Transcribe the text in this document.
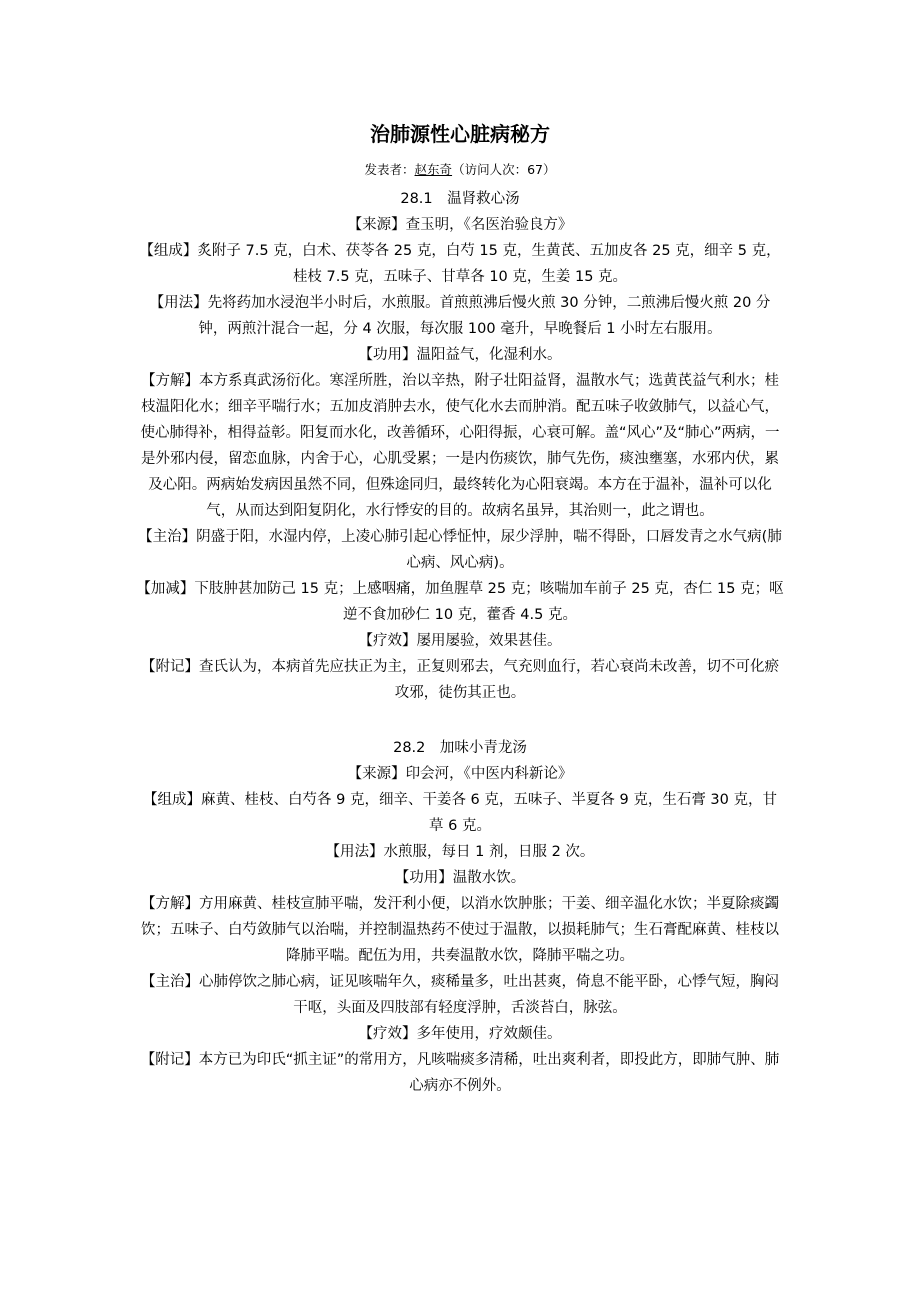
治肺源性心脏病秘方
发表者：赵东奇（访问人次：67）
28.1　温肾救心汤
【来源】查玉明，《名医治验良方》
【组成】炙附子 7.5 克，白术、茯苓各 25 克，白芍 15 克，生黄芪、五加皮各 25 克，细辛 5 克，桂枝 7.5 克，五味子、甘草各 10 克，生姜 15 克。
【用法】先将药加水浸泡半小时后，水煎服。首煎煎沸后慢火煎 30 分钟，二煎沸后慢火煎 20 分钟，两煎汁混合一起，分 4 次服，每次服 100 毫升，早晚餐后 1 小时左右服用。
【功用】温阳益气，化湿利水。
【方解】本方系真武汤衍化。寒淫所胜，治以辛热，附子壮阳益肾，温散水气；选黄芪益气利水；桂枝温阳化水；细辛平喘行水；五加皮消肿去水，使气化水去而肿消。配五味子收敛肺气，以益心气，使心肺得补，相得益彰。阳复而水化，改善循环，心阳得振，心衰可解。盖“风心”及“肺心”两病，一是外邪内侵，留恋血脉，内舍于心，心肌受累；一是内伤痰饮，肺气先伤，痰浊壅塞，水邪内伏，累及心阳。两病始发病因虽然不同，但殊途同归，最终转化为心阳衰竭。本方在于温补，温补可以化气，从而达到阳复阴化，水行悸安的目的。故病名虽异，其治则一，此之谓也。
【主治】阴盛于阳，水湿内停，上凌心肺引起心悸怔忡，尿少浮肿，喘不得卧，口唇发青之水气病(肺心病、风心病)。
【加减】下肢肿甚加防己 15 克；上感咽痛，加鱼腥草 25 克；咳喘加车前子 25 克，杏仁 15 克；呕逆不食加砂仁 10 克，藿香 4.5 克。
【疗效】屡用屡验，效果甚佳。
【附记】查氏认为，本病首先应扶正为主，正复则邪去，气充则血行，若心衰尚未改善，切不可化瘀攻邪，徒伤其正也。
28.2　加味小青龙汤
【来源】印会河，《中医内科新论》
【组成】麻黄、桂枝、白芍各 9 克，细辛、干姜各 6 克，五味子、半夏各 9 克，生石膏 30 克，甘草 6 克。
【用法】水煎服，每日 1 剂，日服 2 次。
【功用】温散水饮。
【方解】方用麻黄、桂枝宣肺平喘，发汗利小便，以消水饮肿胀；干姜、细辛温化水饮；半夏除痰蠲饮；五味子、白芍敛肺气以治喘，并控制温热药不使过于温散，以损耗肺气；生石膏配麻黄、桂枝以降肺平喘。配伍为用，共奏温散水饮，降肺平喘之功。
【主治】心肺停饮之肺心病，证见咳喘年久，痰稀量多，吐出甚爽，倚息不能平卧，心悸气短，胸闷干呕，头面及四肢部有轻度浮肿，舌淡苔白，脉弦。
【疗效】多年使用，疗效颇佳。
【附记】本方已为印氏“抓主证”的常用方，凡咳喘痰多清稀，吐出爽利者，即投此方，即肺气肿、肺心病亦不例外。
